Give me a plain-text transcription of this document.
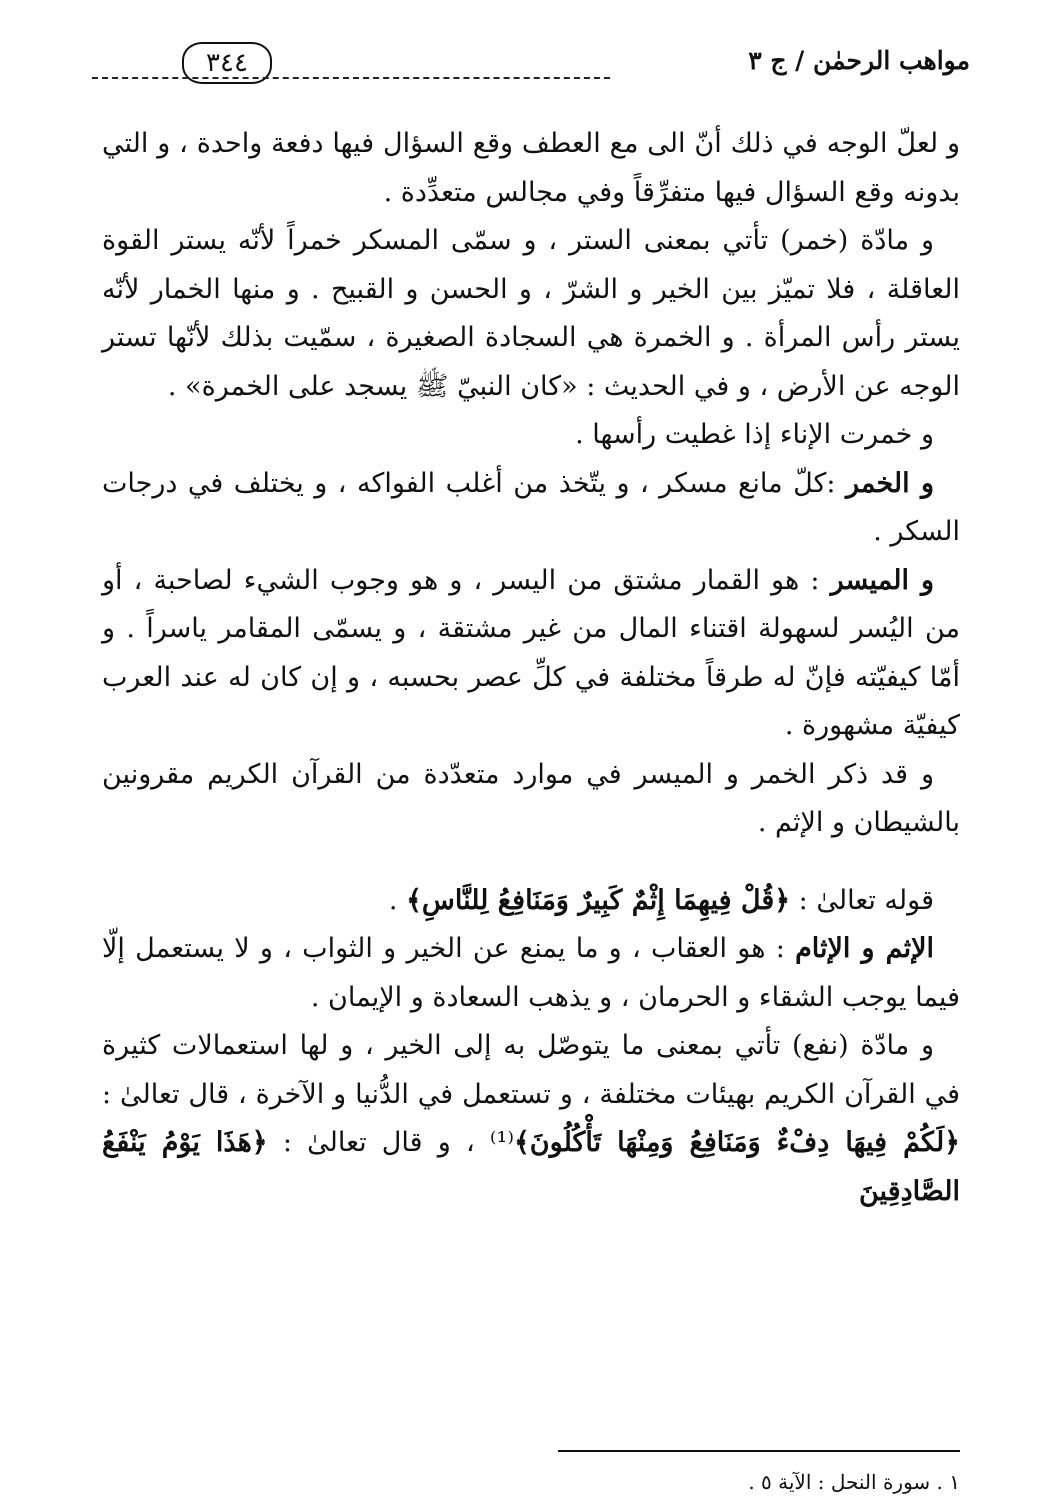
مواهب الرحمٰن / ج ٣
٣٤٤

و لعلّ الوجه في ذلك أنّ الى مع العطف وقع السؤال فيها دفعة واحدة ، و التي بدونه وقع السؤال فيها متفرِّقاً وفي مجالس متعدِّدة .

و مادّة (خمر) تأتي بمعنى الستر ، و سمّى المسكر خمراً لأنّه يستر القوة العاقلة ، فلا تميّز بين الخير و الشرّ ، و الحسن و القبيح . و منها الخمار لأنّه يستر رأس المرأة . و الخمرة هي السجادة الصغيرة ، سمّيت بذلك لأنّها تستر الوجه عن الأرض ، و في الحديث : «كان النبيّ ﷺ يسجد على الخمرة» .

و خمرت الإناء إذا غطيت رأسها .

و الخمر :كلّ مانع مسكر ، و يتّخذ من أغلب الفواكه ، و يختلف في درجات السكر .

و الميسر : هو القمار مشتق من اليسر ، و هو وجوب الشيء لصاحبة ، أو من اليُسر لسهولة اقتناء المال من غير مشتقة ، و يسمّى المقامر ياسراً . و أمّا كيفيّته فإنّ له طرقاً مختلفة في كلِّ عصر بحسبه ، و إن كان له عند العرب كيفيّة مشهورة .

و قد ذكر الخمر و الميسر في موارد متعدّدة من القرآن الكريم مقرونين بالشيطان و الإثم .

قوله تعالىٰ : ﴿قُلْ فِيهِمَا إِثْمٌ كَبِيرٌ وَمَنَافِعُ لِلنَّاسِ﴾ .

الإثم و الإثام : هو العقاب ، و ما يمنع عن الخير و الثواب ، و لا يستعمل إلّا فيما يوجب الشقاء و الحرمان ، و يذهب السعادة و الإيمان .

و مادّة (نفع) تأتي بمعنى ما يتوصّل به إلى الخير ، و لها استعمالات كثيرة في القرآن الكريم بهيئات مختلفة ، و تستعمل في الدُّنيا و الآخرة ، قال تعالىٰ : ﴿لَكُمْ فِيهَا دِفْءٌ وَمَنَافِعُ وَمِنْهَا تَأْكُلُونَ﴾⁽¹⁾ ، و قال تعالىٰ : ﴿هَذَا يَوْمُ يَنْفَعُ الصَّادِقِينَ

١ . سورة النحل : الآية ٥ .
